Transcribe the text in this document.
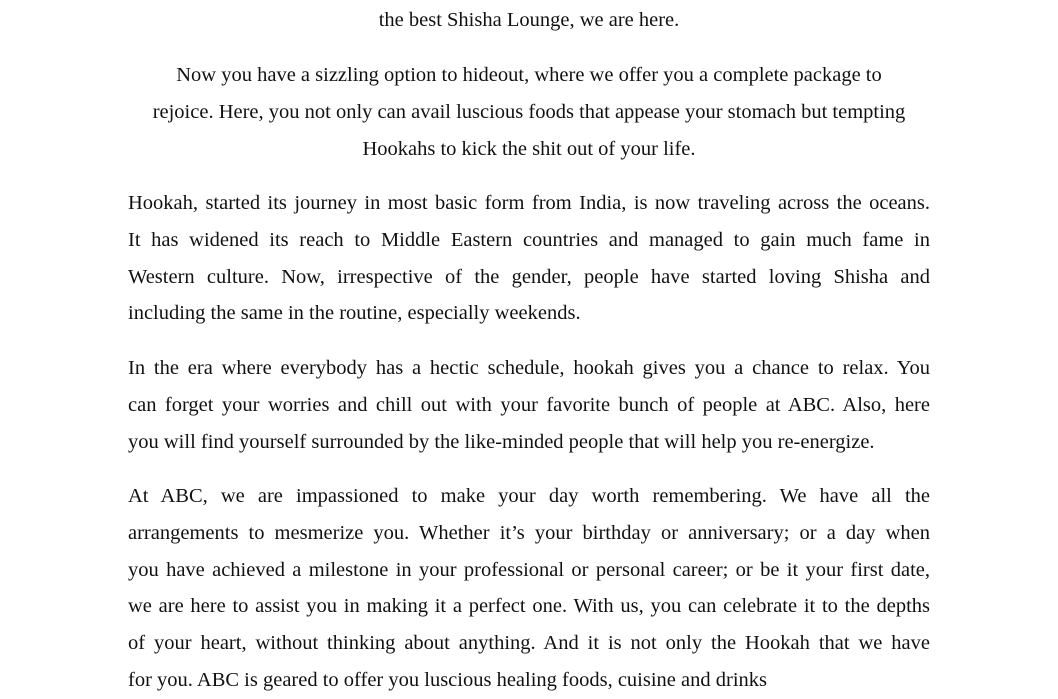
the best Shisha Lounge, we are here.

Now you have a sizzling option to hideout, where we offer you a complete package to
rejoice. Here, you not only can avail luscious foods that appease your stomach but tempting
Hookahs to kick the shit out of your life.

Hookah, started its journey in most basic form from India, is now traveling across the oceans.
It has widened its reach to Middle Eastern countries and managed to gain much fame in
Western culture. Now, irrespective of the gender, people have started loving Shisha and
including the same in the routine, especially weekends.

In the era where everybody has a hectic schedule, hookah gives you a chance to relax. You
can forget your worries and chill out with your favorite bunch of people at ABC. Also, here
you will find yourself surrounded by the like-minded people that will help you re-energize.

At ABC, we are impassioned to make your day worth remembering. We have all the
arrangements to mesmerize you. Whether it’s your birthday or anniversary; or a day when
you have achieved a milestone in your professional or personal career; or be it your first date,
we are here to assist you in making it a perfect one. With us, you can celebrate it to the depths
of your heart, without thinking about anything. And it is not only the Hookah that we have
for you. ABC is geared to offer you luscious healing foods, cuisine and drinks
